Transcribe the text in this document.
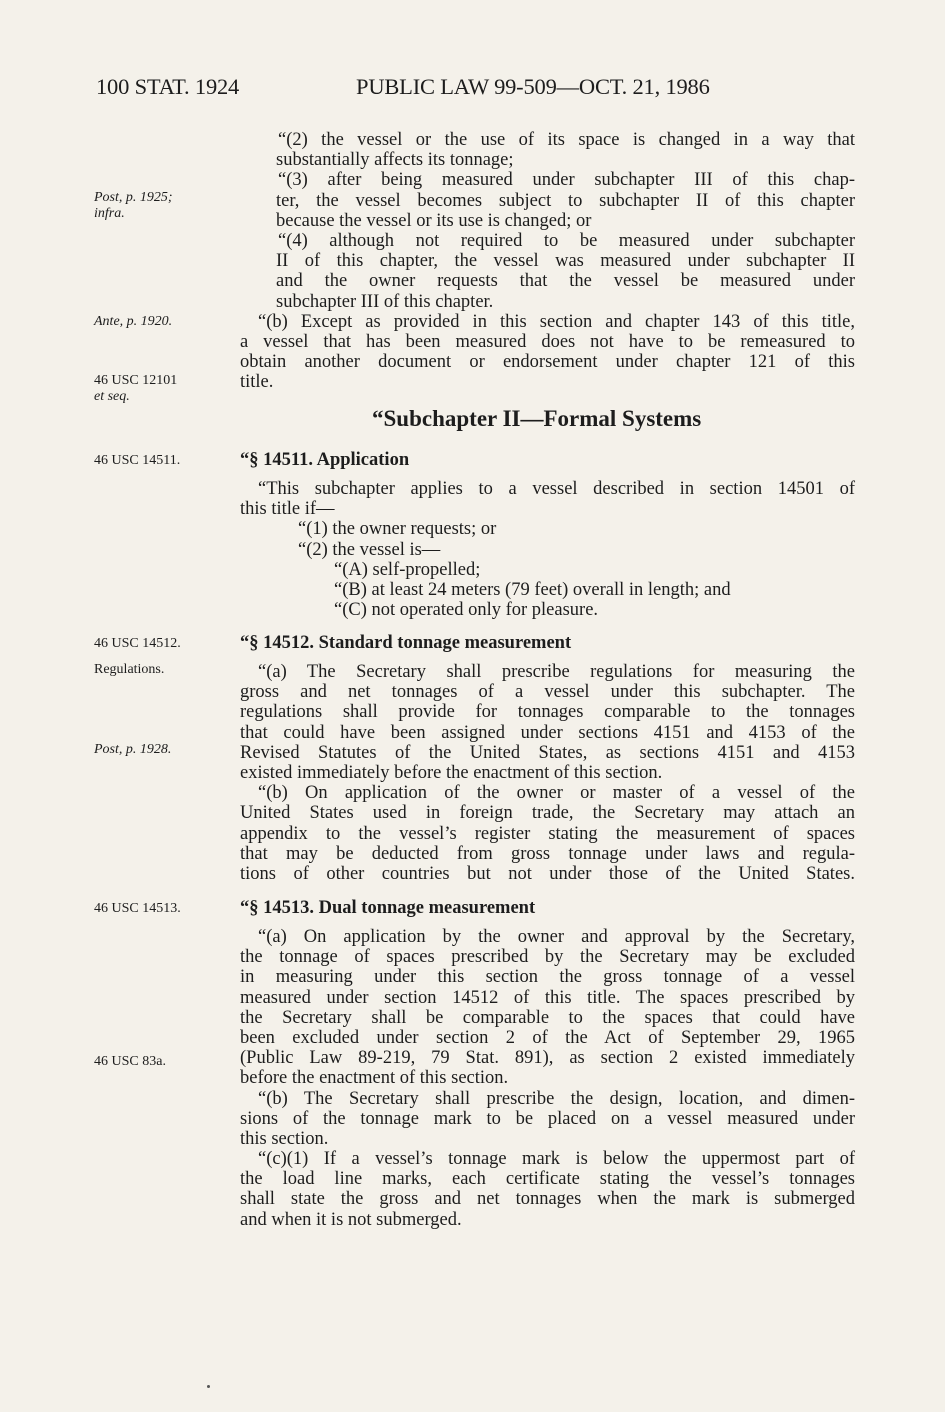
100 STAT. 1924	PUBLIC LAW 99-509—OCT. 21, 1986
Post, p. 1925;
infra.
Ante, p. 1920.
46 USC 12101
et seq.
46 USC 14511.
46 USC 14512.
Regulations.
Post, p. 1928.
46 USC 14513.
46 USC 83a.
“(2) the vessel or the use of its space is changed in a way that
substantially affects its tonnage;
“(3) after being measured under subchapter III of this chap-
ter, the vessel becomes subject to subchapter II of this chapter
because the vessel or its use is changed; or
“(4) although not required to be measured under subchapter
II of this chapter, the vessel was measured under subchapter II
and the owner requests that the vessel be measured under
subchapter III of this chapter.
“(b) Except as provided in this section and chapter 143 of this title,
a vessel that has been measured does not have to be remeasured to
obtain another document or endorsement under chapter 121 of this
title.
“Subchapter II—Formal Systems
“§ 14511. Application
“This subchapter applies to a vessel described in section 14501 of
this title if—
“(1) the owner requests; or
“(2) the vessel is—
“(A) self-propelled;
“(B) at least 24 meters (79 feet) overall in length; and
“(C) not operated only for pleasure.
“§ 14512. Standard tonnage measurement
“(a) The Secretary shall prescribe regulations for measuring the
gross and net tonnages of a vessel under this subchapter. The
regulations shall provide for tonnages comparable to the tonnages
that could have been assigned under sections 4151 and 4153 of the
Revised Statutes of the United States, as sections 4151 and 4153
existed immediately before the enactment of this section.
“(b) On application of the owner or master of a vessel of the
United States used in foreign trade, the Secretary may attach an
appendix to the vessel’s register stating the measurement of spaces
that may be deducted from gross tonnage under laws and regula-
tions of other countries but not under those of the United States.
“§ 14513. Dual tonnage measurement
“(a) On application by the owner and approval by the Secretary,
the tonnage of spaces prescribed by the Secretary may be excluded
in measuring under this section the gross tonnage of a vessel
measured under section 14512 of this title. The spaces prescribed by
the Secretary shall be comparable to the spaces that could have
been excluded under section 2 of the Act of September 29, 1965
(Public Law 89-219, 79 Stat. 891), as section 2 existed immediately
before the enactment of this section.
“(b) The Secretary shall prescribe the design, location, and dimen-
sions of the tonnage mark to be placed on a vessel measured under
this section.
“(c)(1) If a vessel’s tonnage mark is below the uppermost part of
the load line marks, each certificate stating the vessel’s tonnages
shall state the gross and net tonnages when the mark is submerged
and when it is not submerged.
